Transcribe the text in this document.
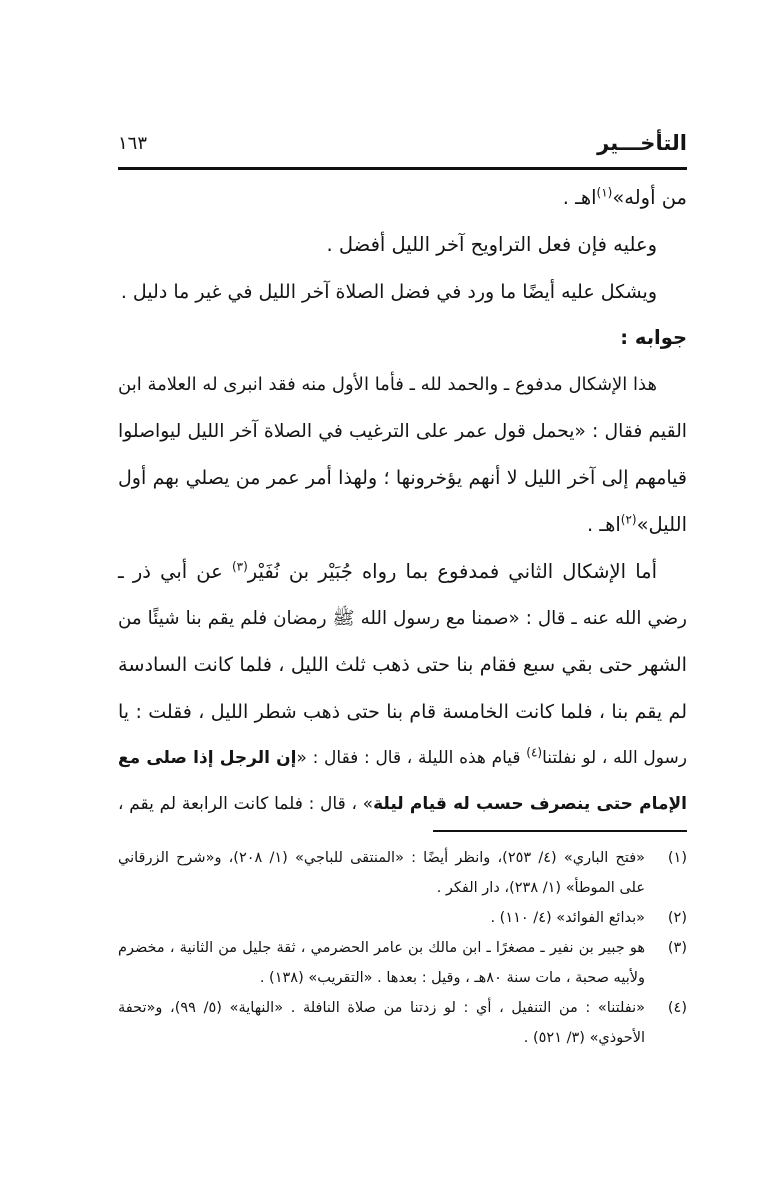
التأخـــير
١٦٣
من أوله»$^{(١)}$اهـ .
وعليه فإن فعل التراويح آخر الليل أفضل .
ويشكل عليه أيضًا ما ورد في فضل الصلاة آخر الليل في غير ما دليل .
جوابه :
هذا الإشكال مدفوع ـ والحمد لله ـ فأما الأول منه فقد انبرى له العلامة ابن
القيم فقال : «يحمل قول عمر على الترغيب في الصلاة آخر الليل ليواصلوا
قيامهم إلى آخر الليل لا أنهم يؤخرونها ؛ ولهذا أمر عمر من يصلي بهم أول
الليل»$^{(٢)}$اهـ .
أما الإشكال الثاني فمدفوع بما رواه جُبَيْر بن نُفَيْر$^{(٣)}$ عن أبي ذر ـ
رضي الله عنه ـ قال : «صمنا مع رسول الله ﷺ رمضان فلم يقم بنا شيئًا من
الشهر حتى بقي سبع فقام بنا حتى ذهب ثلث الليل ، فلما كانت السادسة
لم يقم بنا ، فلما كانت الخامسة قام بنا حتى ذهب شطر الليل ، فقلت : يا
رسول الله ، لو نفلتنا$^{(٤)}$ قيام هذه الليلة ، قال : فقال : «إن الرجل إذا صلى مع
الإمام حتى ينصرف حسب له قيام ليلة» ، قال : فلما كانت الرابعة لم يقم ،
(١)
«فتح الباري» (٤/ ٢٥٣)، وانظر أيضًا : «المنتقى للباجي» (١/ ٢٠٨)، و«شرح الزرقاني
على الموطأ» (١/ ٢٣٨)، دار الفكر .
(٢)
«بدائع الفوائد» (٤/ ١١٠) .
(٣)
هو جبير بن نفير ـ مصغرًا ـ ابن مالك بن عامر الحضرمي ، ثقة جليل من الثانية ، مخضرم
ولأبيه صحبة ، مات سنة ٨٠هـ ، وقيل : بعدها . «التقريب» (١٣٨) .
(٤)
«نفلتنا» : من التنفيل ، أي : لو زدتنا من صلاة النافلة . «النهاية» (٥/ ٩٩)، و«تحفة
الأحوذي» (٣/ ٥٢١) .
